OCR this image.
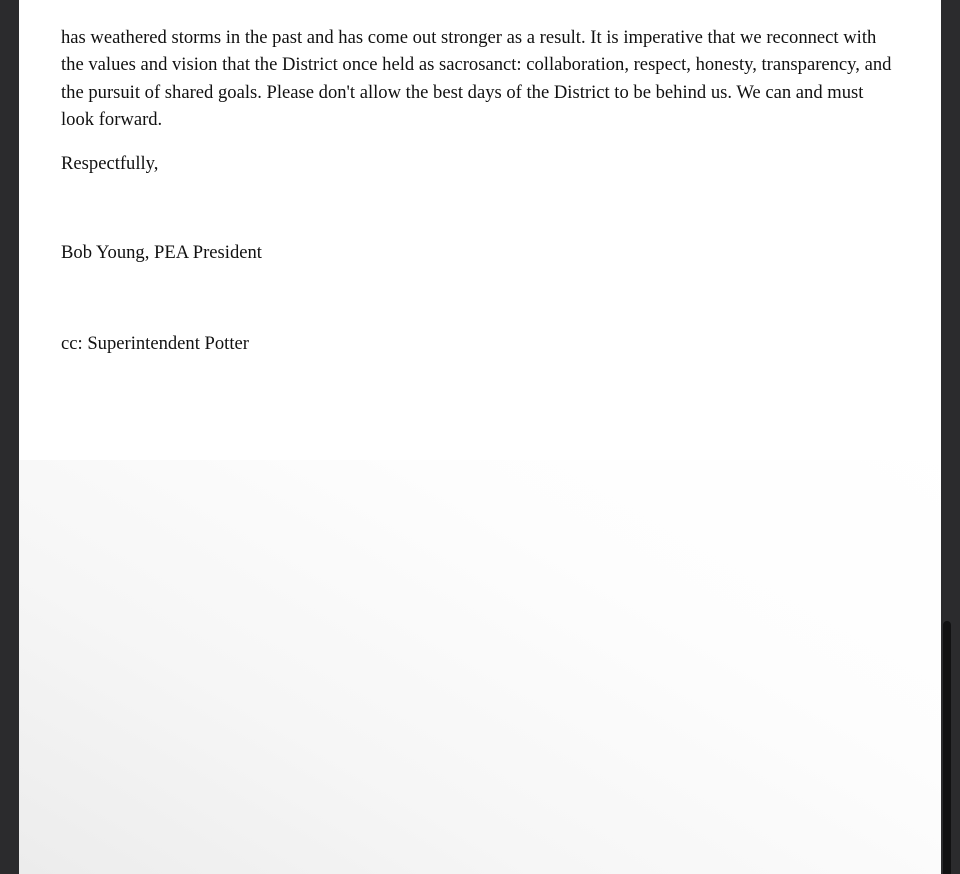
has weathered storms in the past and has come out stronger as a result. It is imperative that we reconnect with the values and vision that the District once held as sacrosanct: collaboration, respect, honesty, transparency, and the pursuit of shared goals. Please don't allow the best days of the District to be behind us. We can and must look forward.

Respectfully,

Bob Young, PEA President

cc: Superintendent Potter
